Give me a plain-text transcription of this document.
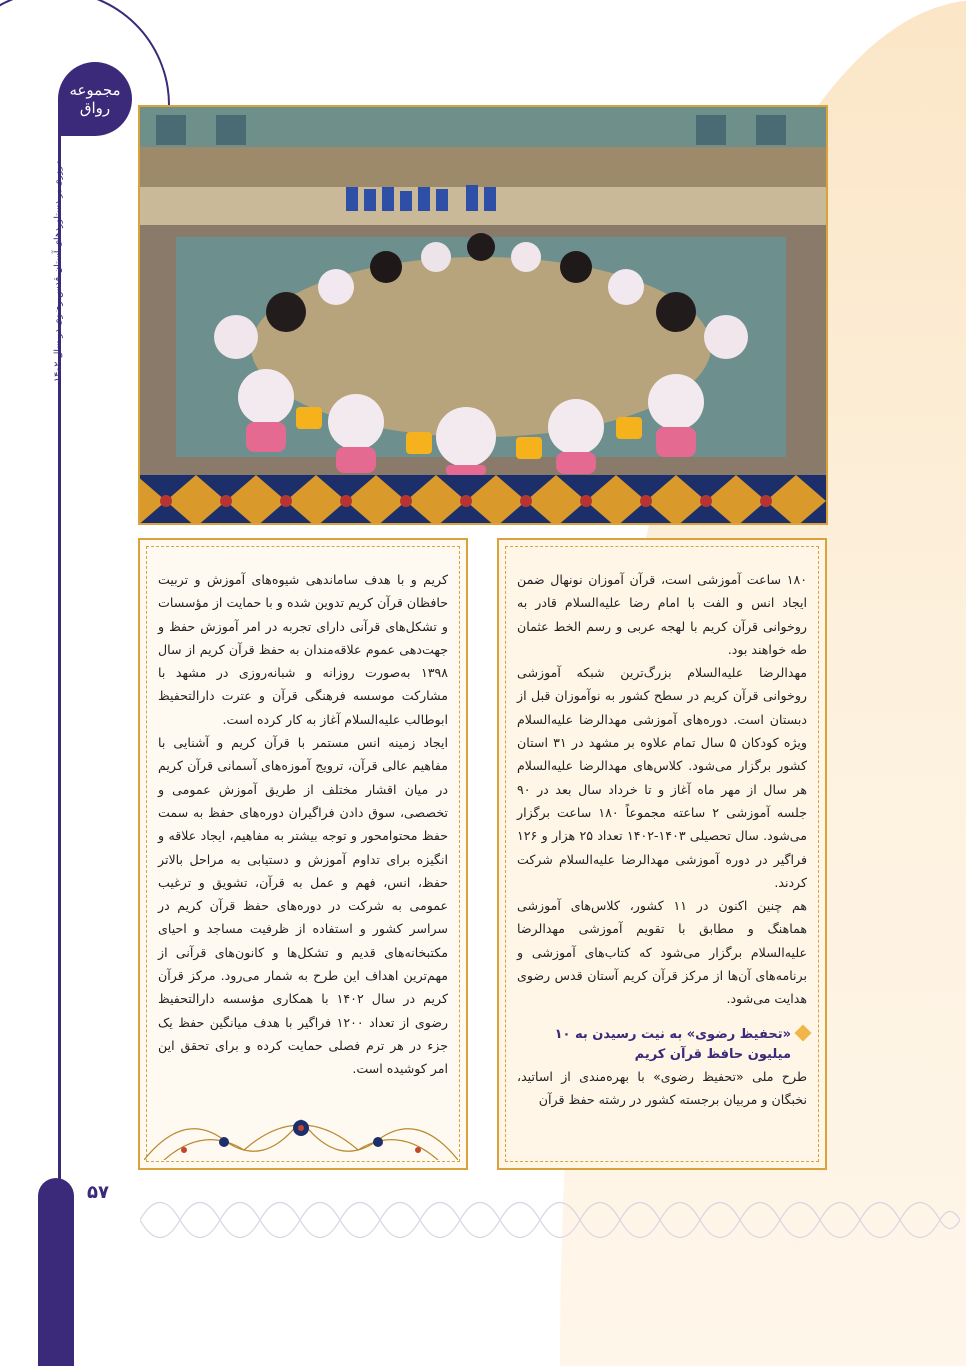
مجموعه
رواق
مروری بر دستاوردهای آستان قدس رضوی در سال ۱۴۰۲
۵۷

۱۸۰ ساعت آموزشی است، قرآن آموزان نونهال ضمن ایجاد انس و الفت با امام رضا علیه‌السلام قادر به روخوانی قرآن کریم با لهجه عربی و رسم الخط عثمان طه خواهند بود.

مهدالرضا علیه‌السلام بزرگ‌ترین شبکه آموزشی روخوانی قرآن کریم در سطح کشور به نوآموزان قبل از دبستان است. دوره‌های آموزشی مهدالرضا علیه‌السلام ویژه کودکان ۵ سال تمام علاوه بر مشهد در ۳۱ استان کشور برگزار می‌شود. کلاس‌های مهدالرضا علیه‌السلام هر سال از مهر ماه آغاز و تا خرداد سال بعد در ۹۰ جلسه آموزشی ۲ ساعته مجموعاً ۱۸۰ ساعت برگزار می‌شود. سال تحصیلی ۱۴۰۳-۱۴۰۲ تعداد ۲۵ هزار و ۱۲۶ فراگیر در دوره آموزشی مهدالرضا علیه‌السلام شرکت کردند.

هم چنین اکنون در ۱۱ کشور، کلاس‌های آموزشی هماهنگ و مطابق با تقویم آموزشی مهدالرضا علیه‌السلام برگزار می‌شود که کتاب‌های آموزشی و برنامه‌های آن‌ها از مرکز قرآن کریم آستان قدس رضوی هدایت می‌شود.

«تحفیظ رضوی» به نیت رسیدن به ۱۰ میلیون حافظ قرآن کریم

طرح ملی «تحفیظ رضوی» با بهره‌مندی از اساتید، نخبگان و مربیان برجسته کشور در رشته حفظ قرآن

کریم و با هدف ساماندهی شیوه‌های آموزش و تربیت حافظان قرآن کریم تدوین شده و با حمایت از مؤسسات و تشکل‌های قرآنی دارای تجربه در امر آموزش حفظ و جهت‌دهی عموم علاقه‌مندان به حفظ قرآن کریم از سال ۱۳۹۸ به‌صورت روزانه و شبانه‌روزی در مشهد با مشارکت موسسه فرهنگی قرآن و عترت دارالتحفیظ ابوطالب علیه‌السلام آغاز به کار کرده است.

ایجاد زمینه انس مستمر با قرآن کریم و آشنایی با مفاهیم عالی قرآن، ترویج آموزه‌های آسمانی قرآن کریم در میان اقشار مختلف از طریق آموزش عمومی و تخصصی، سوق دادن فراگیران دوره‌های حفظ به سمت حفظ محتوامحور و توجه بیشتر به مفاهیم، ایجاد علاقه و انگیزه برای تداوم آموزش و دستیابی به مراحل بالاتر حفظ، انس، فهم و عمل به قرآن، تشویق و ترغیب عمومی به شرکت در دوره‌های حفظ قرآن کریم در سراسر کشور و استفاده از ظرفیت مساجد و احیای مکتبخانه‌های قدیم و تشکل‌ها و کانون‌های قرآنی از مهم‌ترین اهداف این طرح به شمار می‌رود. مرکز قرآن کریم در سال ۱۴۰۲ با همکاری مؤسسه دارالتحفیظ رضوی از تعداد ۱۲۰۰ فراگیر با هدف میانگین حفظ یک جزء در هر ترم فصلی حمایت کرده و برای تحقق این امر کوشیده است.
